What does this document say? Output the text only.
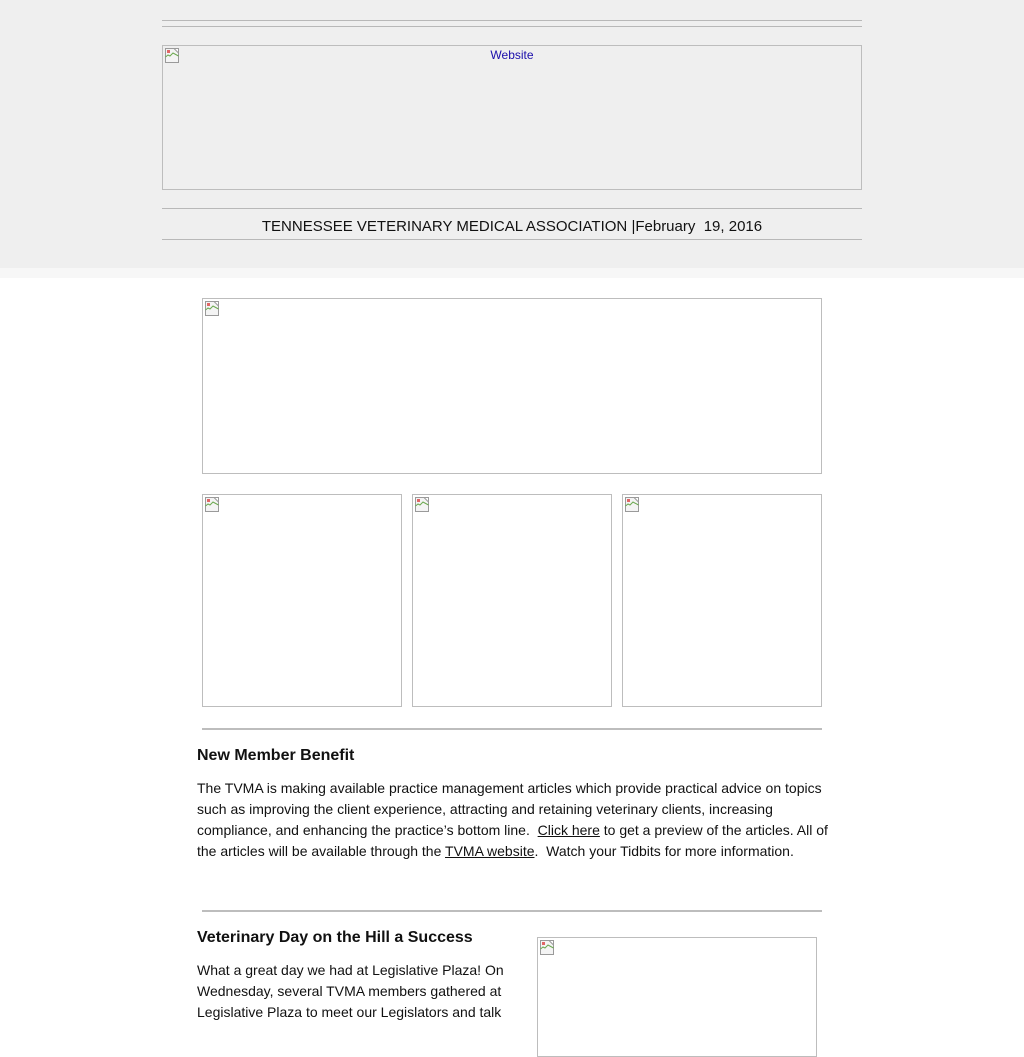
Website
TENNESSEE VETERINARY MEDICAL ASSOCIATION |February  19, 2016
New Member Benefit

The TVMA is making available practice management articles which provide practical advice on topics such as improving the client experience, attracting and retaining veterinary clients, increasing compliance, and enhancing the practice’s bottom line.  Click here to get a preview of the articles. All of the articles will be available through the TVMA website.  Watch your Tidbits for more information.

Veterinary Day on the Hill a Success

What a great day we had at Legislative Plaza! On Wednesday, several TVMA members gathered at Legislative Plaza to meet our Legislators and talk
